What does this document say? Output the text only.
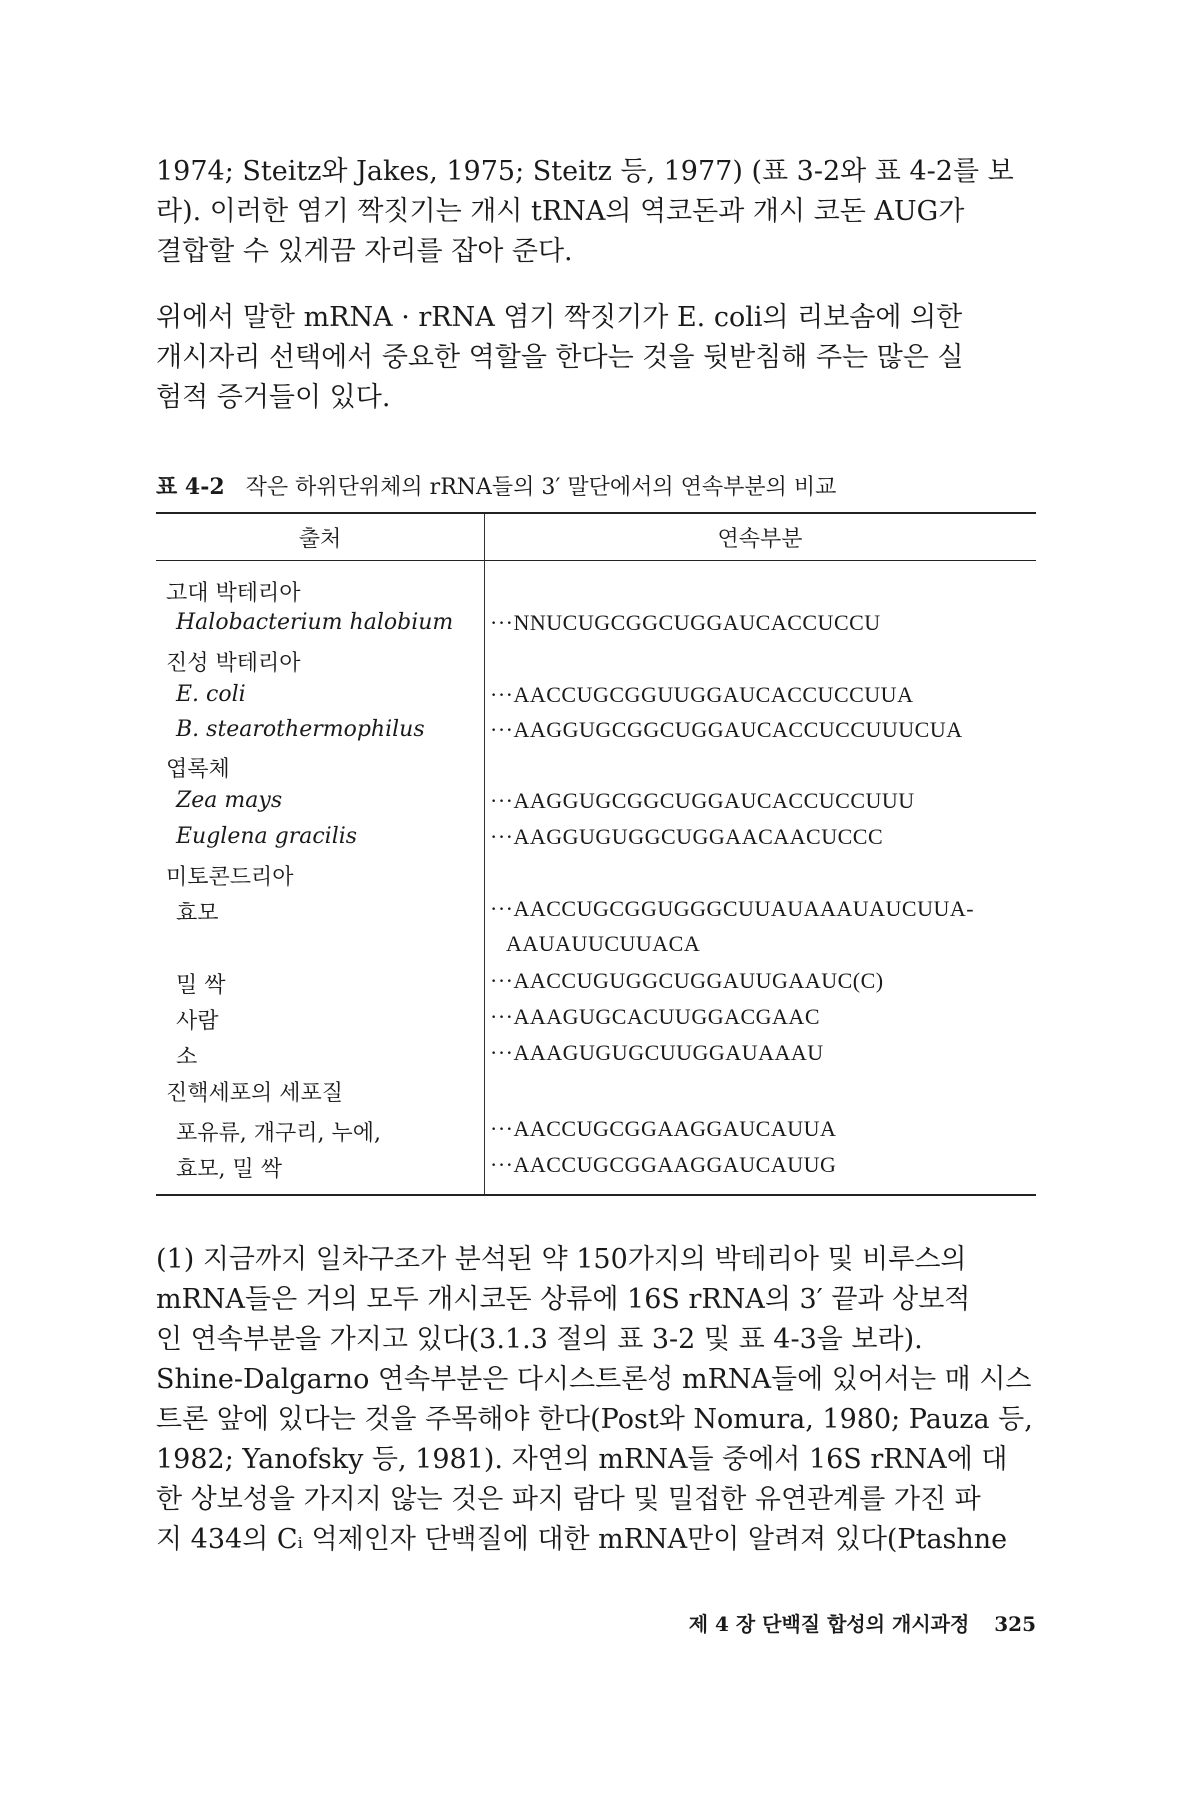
1974; Steitz와 Jakes, 1975; Steitz 등, 1977) (표 3-2와 표 4-2를 보
라). 이러한 염기 짝짓기는 개시 tRNA의 역코돈과 개시 코돈 AUG가
결합할 수 있게끔 자리를 잡아 준다.
위에서 말한 mRNA · rRNA 염기 짝짓기가 E. coli의 리보솜에 의한
개시자리 선택에서 중요한 역할을 한다는 것을 뒷받침해 주는 많은 실
험적 증거들이 있다.
표 4-2 작은 하위단위체의 rRNA들의 3′ 말단에서의 연속부분의 비교
출처	연속부분
고대 박테리아
Halobacterium halobium ···NNUCUGCGGCUGGAUCACCUCCU
진성 박테리아
E. coli	···AACCUGCGGUUGGAUCACCUCCUUA
B. stearothermophilus	···AAGGUGCGGCUGGAUCACCUCCUUUCUA
엽록체
Zea mays	···AAGGUGCGGCUGGAUCACCUCCUUU
Euglena gracilis	···AAGGUGUGGCUGGAACAACUCCC
미토콘드리아
효모	···AACCUGCGGUGGGCUUAUAAAUAUCUUA-
AAUAUUCUUACA
밀 싹	···AACCUGUGGCUGGAUUGAAUC(C)
사람	···AAAGUGCACUUGGACGAAC
소	···AAAGUGUGCUUGGAUAAAU
진핵세포의 세포질
포유류, 개구리, 누에,	···AACCUGCGGAAGGAUCAUUA
효모, 밀 싹	···AACCUGCGGAAGGAUCAUUG
(1) 지금까지 일차구조가 분석된 약 150가지의 박테리아 및 비루스의
mRNA들은 거의 모두 개시코돈 상류에 16S rRNA의 3′ 끝과 상보적
인 연속부분을 가지고 있다(3.1.3 절의 표 3-2 및 표 4-3을 보라).
Shine-Dalgarno 연속부분은 다시스트론성 mRNA들에 있어서는 매 시스
트론 앞에 있다는 것을 주목해야 한다(Post와 Nomura, 1980; Pauza 등,
1982; Yanofsky 등, 1981). 자연의 mRNA들 중에서 16S rRNA에 대
한 상보성을 가지지 않는 것은 파지 람다 및 밀접한 유연관계를 가진 파
지 434의 Cᵢ 억제인자 단백질에 대한 mRNA만이 알려져 있다(Ptashne
제 4 장 단백질 합성의 개시과정 325
